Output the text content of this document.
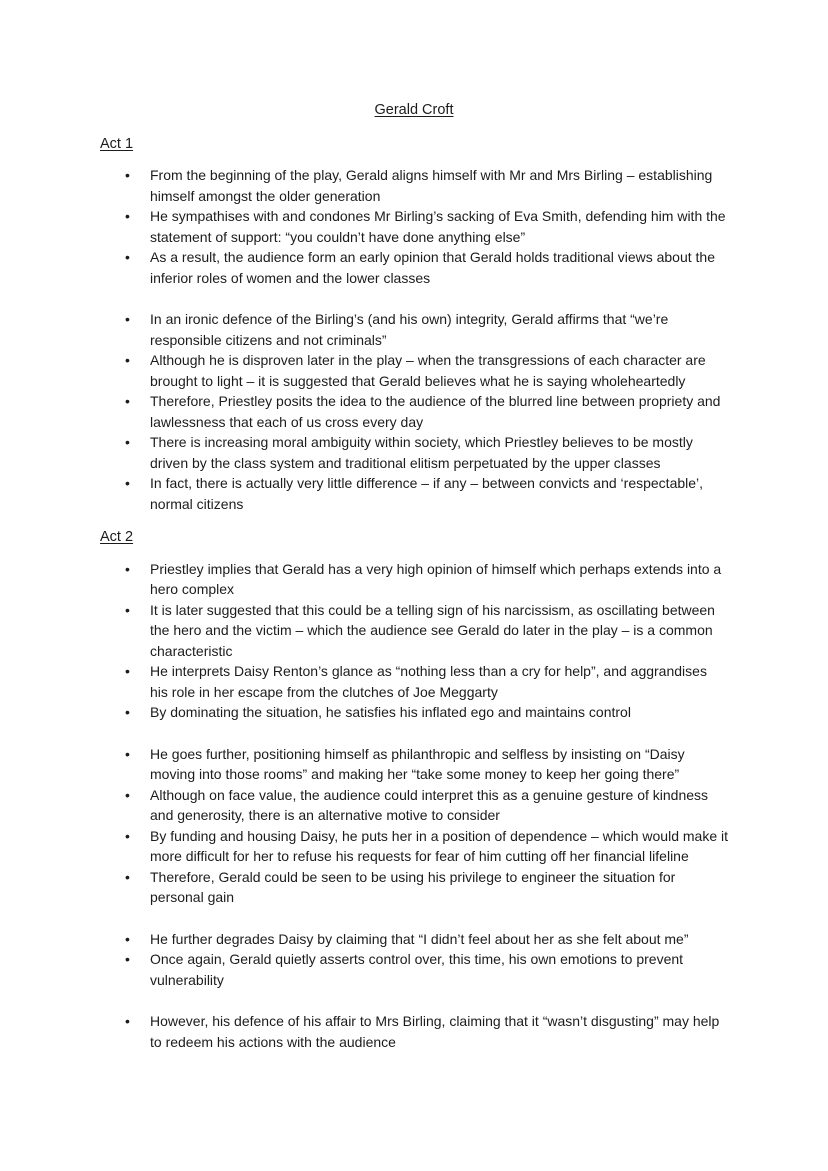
Gerald Croft
Act 1
• From the beginning of the play, Gerald aligns himself with Mr and Mrs Birling – establishing himself amongst the older generation
• He sympathises with and condones Mr Birling’s sacking of Eva Smith, defending him with the statement of support: “you couldn’t have done anything else”
• As a result, the audience form an early opinion that Gerald holds traditional views about the inferior roles of women and the lower classes
• In an ironic defence of the Birling’s (and his own) integrity, Gerald affirms that “we’re responsible citizens and not criminals”
• Although he is disproven later in the play – when the transgressions of each character are brought to light – it is suggested that Gerald believes what he is saying wholeheartedly
• Therefore, Priestley posits the idea to the audience of the blurred line between propriety and lawlessness that each of us cross every day
• There is increasing moral ambiguity within society, which Priestley believes to be mostly driven by the class system and traditional elitism perpetuated by the upper classes
• In fact, there is actually very little difference – if any – between convicts and ‘respectable’, normal citizens
Act 2
• Priestley implies that Gerald has a very high opinion of himself which perhaps extends into a hero complex
• It is later suggested that this could be a telling sign of his narcissism, as oscillating between the hero and the victim – which the audience see Gerald do later in the play – is a common characteristic
• He interprets Daisy Renton’s glance as “nothing less than a cry for help”, and aggrandises his role in her escape from the clutches of Joe Meggarty
• By dominating the situation, he satisfies his inflated ego and maintains control
• He goes further, positioning himself as philanthropic and selfless by insisting on “Daisy moving into those rooms” and making her “take some money to keep her going there”
• Although on face value, the audience could interpret this as a genuine gesture of kindness and generosity, there is an alternative motive to consider
• By funding and housing Daisy, he puts her in a position of dependence – which would make it more difficult for her to refuse his requests for fear of him cutting off her financial lifeline
• Therefore, Gerald could be seen to be using his privilege to engineer the situation for personal gain
• He further degrades Daisy by claiming that “I didn’t feel about her as she felt about me”
• Once again, Gerald quietly asserts control over, this time, his own emotions to prevent vulnerability
• However, his defence of his affair to Mrs Birling, claiming that it “wasn’t disgusting” may help to redeem his actions with the audience
